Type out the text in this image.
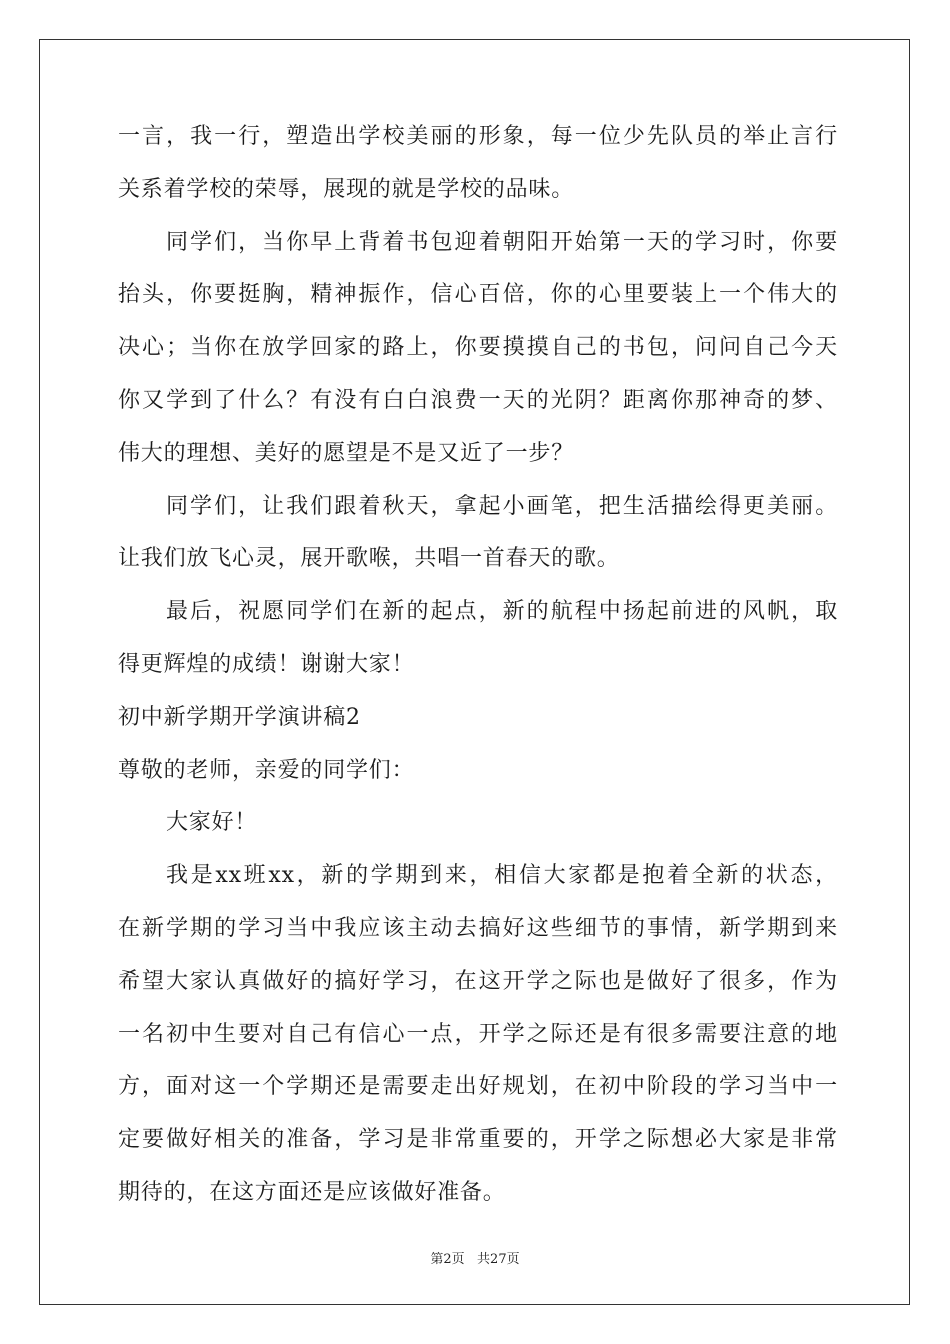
一言，我一行，塑造出学校美丽的形象，每一位少先队员的举止言行
关系着学校的荣辱，展现的就是学校的品味。
同学们，当你早上背着书包迎着朝阳开始第一天的学习时，你要
抬头，你要挺胸，精神振作，信心百倍，你的心里要装上一个伟大的
决心；当你在放学回家的路上，你要摸摸自己的书包，问问自己今天
你又学到了什么？有没有白白浪费一天的光阴？距离你那神奇的梦、
伟大的理想、美好的愿望是不是又近了一步？
同学们，让我们跟着秋天，拿起小画笔，把生活描绘得更美丽。
让我们放飞心灵，展开歌喉，共唱一首春天的歌。
最后，祝愿同学们在新的起点，新的航程中扬起前进的风帆，取
得更辉煌的成绩！谢谢大家！
初中新学期开学演讲稿2
尊敬的老师，亲爱的同学们：
大家好！
我是xx班xx，新的学期到来，相信大家都是抱着全新的状态，
在新学期的学习当中我应该主动去搞好这些细节的事情，新学期到来
希望大家认真做好的搞好学习，在这开学之际也是做好了很多，作为
一名初中生要对自己有信心一点，开学之际还是有很多需要注意的地
方，面对这一个学期还是需要走出好规划，在初中阶段的学习当中一
定要做好相关的准备，学习是非常重要的，开学之际想必大家是非常
期待的，在这方面还是应该做好准备。
第2页   共27页
